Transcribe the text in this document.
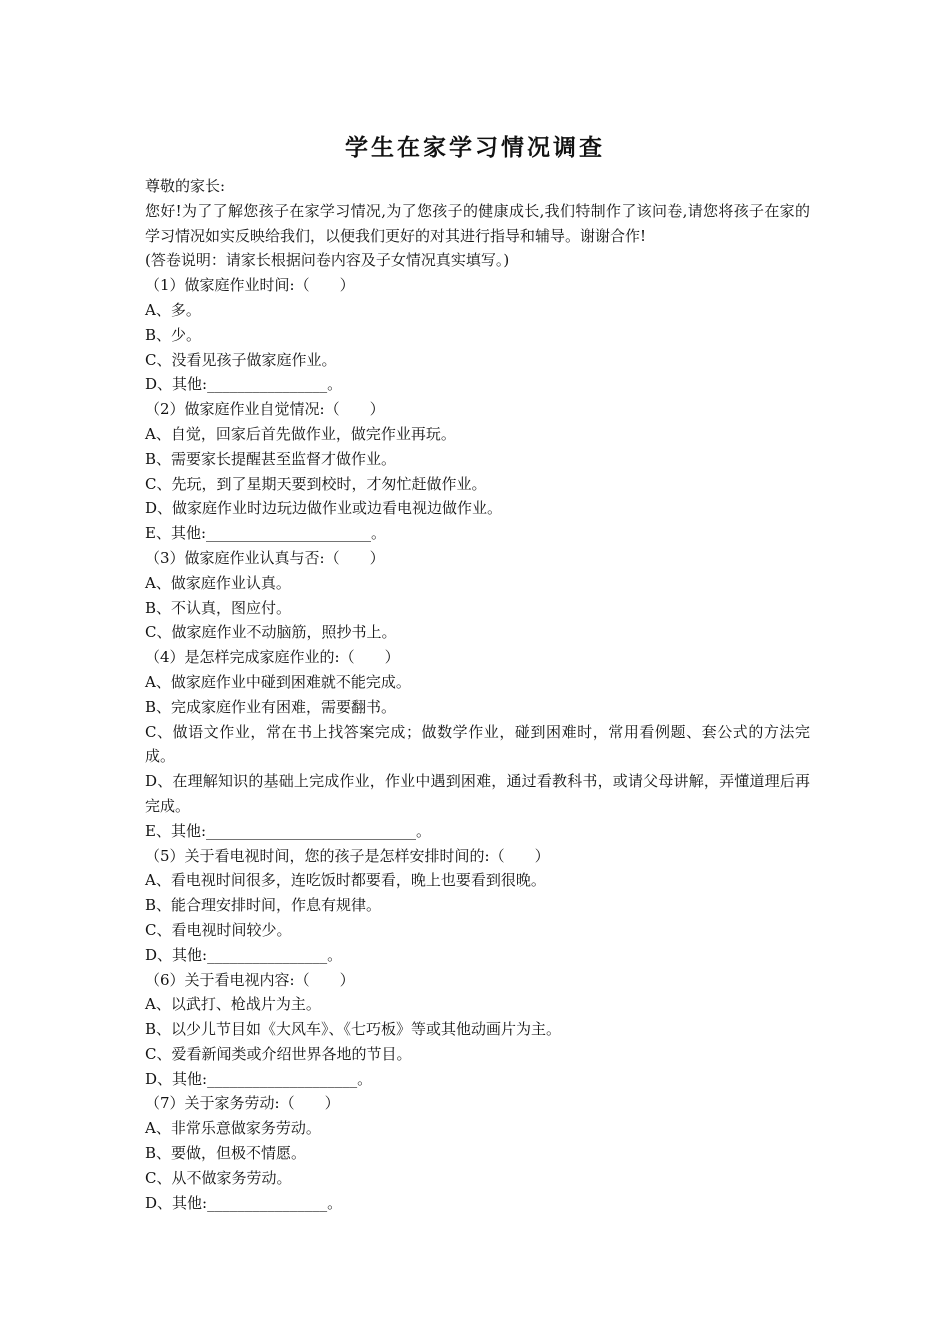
学生在家学习情况调查
尊敬的家长:
您好!为了了解您孩子在家学习情况,为了您孩子的健康成长,我们特制作了该问卷,请您将孩子在家的学习情况如实反映给我们，以便我们更好的对其进行指导和辅导。谢谢合作!
(答卷说明：请家长根据问卷内容及子女情况真实填写。)
（1）做家庭作业时间:（　　）
A、多。
B、少。
C、没看见孩子做家庭作业。
D、其他:________________。
（2）做家庭作业自觉情况:（　　）
A、自觉，回家后首先做作业，做完作业再玩。
B、需要家长提醒甚至监督才做作业。
C、先玩，到了星期天要到校时，才匆忙赶做作业。
D、做家庭作业时边玩边做作业或边看电视边做作业。
E、其他:______________________。
（3）做家庭作业认真与否:（　　）
A、做家庭作业认真。
B、不认真，图应付。
C、做家庭作业不动脑筋，照抄书上。
（4）是怎样完成家庭作业的:（　　）
A、做家庭作业中碰到困难就不能完成。
B、完成家庭作业有困难，需要翻书。
C、做语文作业，常在书上找答案完成；做数学作业，碰到困难时，常用看例题、套公式的方法完成。
D、在理解知识的基础上完成作业，作业中遇到困难，通过看教科书，或请父母讲解，弄懂道理后再完成。
E、其他:____________________________。
（5）关于看电视时间，您的孩子是怎样安排时间的:（　　）
A、看电视时间很多，连吃饭时都要看，晚上也要看到很晚。
B、能合理安排时间，作息有规律。
C、看电视时间较少。
D、其他:________________。
（6）关于看电视内容:（　　）
A、以武打、枪战片为主。
B、以少儿节目如《大风车》、《七巧板》等或其他动画片为主。
C、爱看新闻类或介绍世界各地的节目。
D、其他:____________________。
（7）关于家务劳动:（　　）
A、非常乐意做家务劳动。
B、要做，但极不情愿。
C、从不做家务劳动。
D、其他:________________。
